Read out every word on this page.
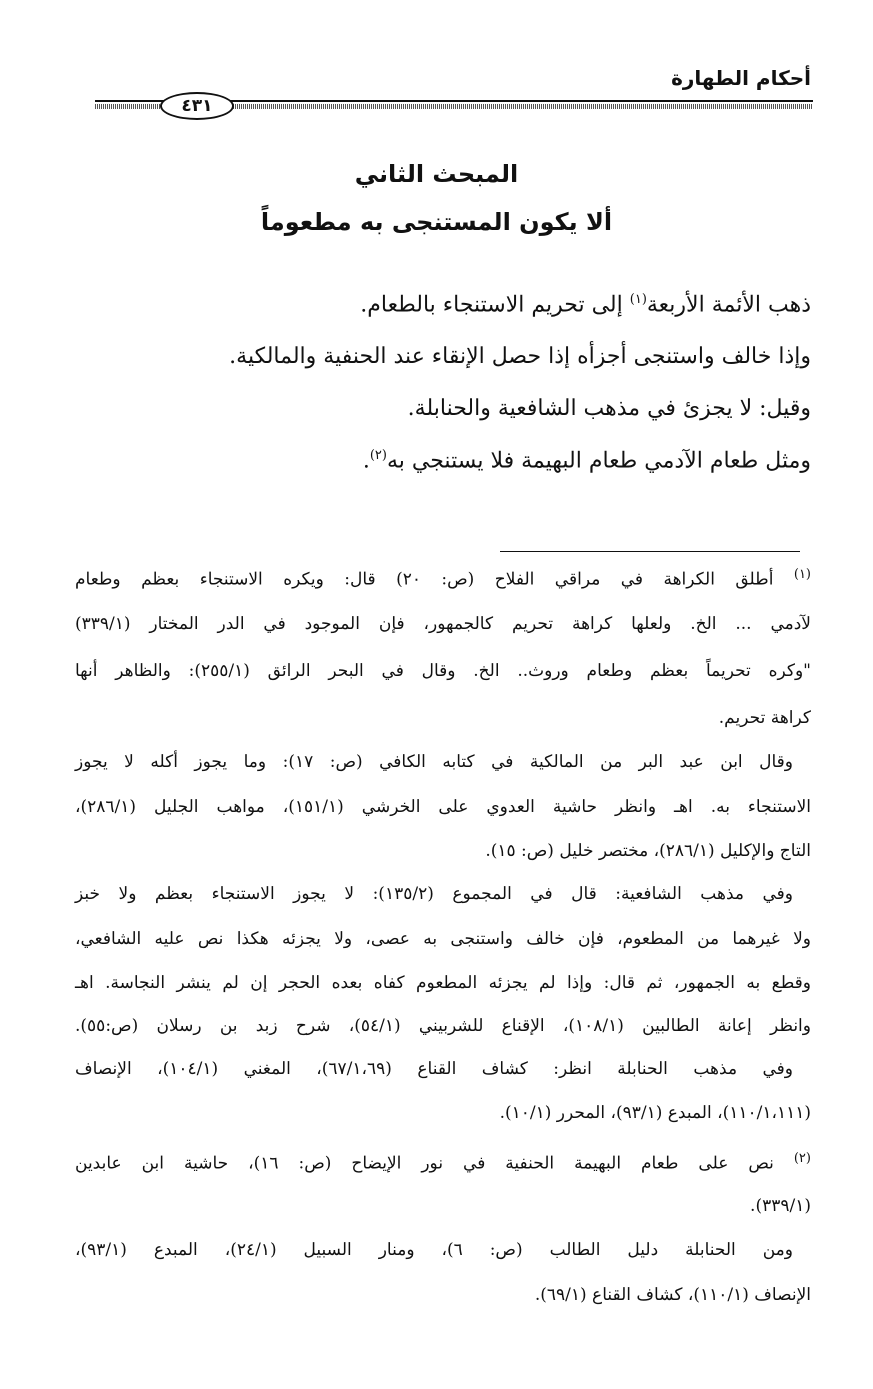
أحكام الطهارة
٤٣١
المبحث الثاني
ألا يكون المستنجى به مطعوماً
ذهب الأئمة الأربعة$^{(١)}$ إلى تحريم الاستنجاء بالطعام.
وإذا خالف واستنجى أجزأه إذا حصل الإنقاء عند الحنفية والمالكية.
وقيل: لا يجزئ في مذهب الشافعية والحنابلة.
ومثل طعام الآدمي طعام البهيمة فلا يستنجي به$^{(٢)}$.
$^{(١)}$ أطلق الكراهة في مراقي الفلاح (ص: ٢٠) قال: ويكره الاستنجاء بعظم وطعام
لآدمي ... الخ. ولعلها كراهة تحريم كالجمهور، فإن الموجود في الدر المختار (٣٣٩/١)
"وكره تحريماً بعظم وطعام وروث.. الخ. وقال في البحر الرائق (٢٥٥/١): والظاهر أنها
كراهة تحريم.
وقال ابن عبد البر من المالكية في كتابه الكافي (ص: ١٧): وما يجوز أكله لا يجوز
الاستنجاء به. اهـ وانظر حاشية العدوي على الخرشي (١٥١/١)، مواهب الجليل (٢٨٦/١)،
التاج والإكليل (٢٨٦/١)، مختصر خليل (ص: ١٥).
وفي مذهب الشافعية: قال في المجموع (١٣٥/٢): لا يجوز الاستنجاء بعظم ولا خبز
ولا غيرهما من المطعوم، فإن خالف واستنجى به عصى، ولا يجزئه هكذا نص عليه الشافعي،
وقطع به الجمهور، ثم قال: وإذا لم يجزئه المطعوم كفاه بعده الحجر إن لم ينشر النجاسة. اهـ
وانظر إعانة الطالبين (١٠٨/١)، الإقناع للشربيني (٥٤/١)، شرح زبد بن رسلان (ص:٥٥).
وفي مذهب الحنابلة انظر: كشاف القناع (٦٧/١،٦٩)، المغني (١٠٤/١)، الإنصاف
(١١٠/١،١١١)، المبدع (٩٣/١)، المحرر (١٠/١).
$^{(٢)}$ نص على طعام البهيمة الحنفية في نور الإيضاح (ص: ١٦)، حاشية ابن عابدين
(٣٣٩/١).
ومن الحنابلة دليل الطالب (ص: ٦)، ومنار السبيل (٢٤/١)، المبدع (٩٣/١)،
الإنصاف (١١٠/١)، كشاف القناع (٦٩/١).
